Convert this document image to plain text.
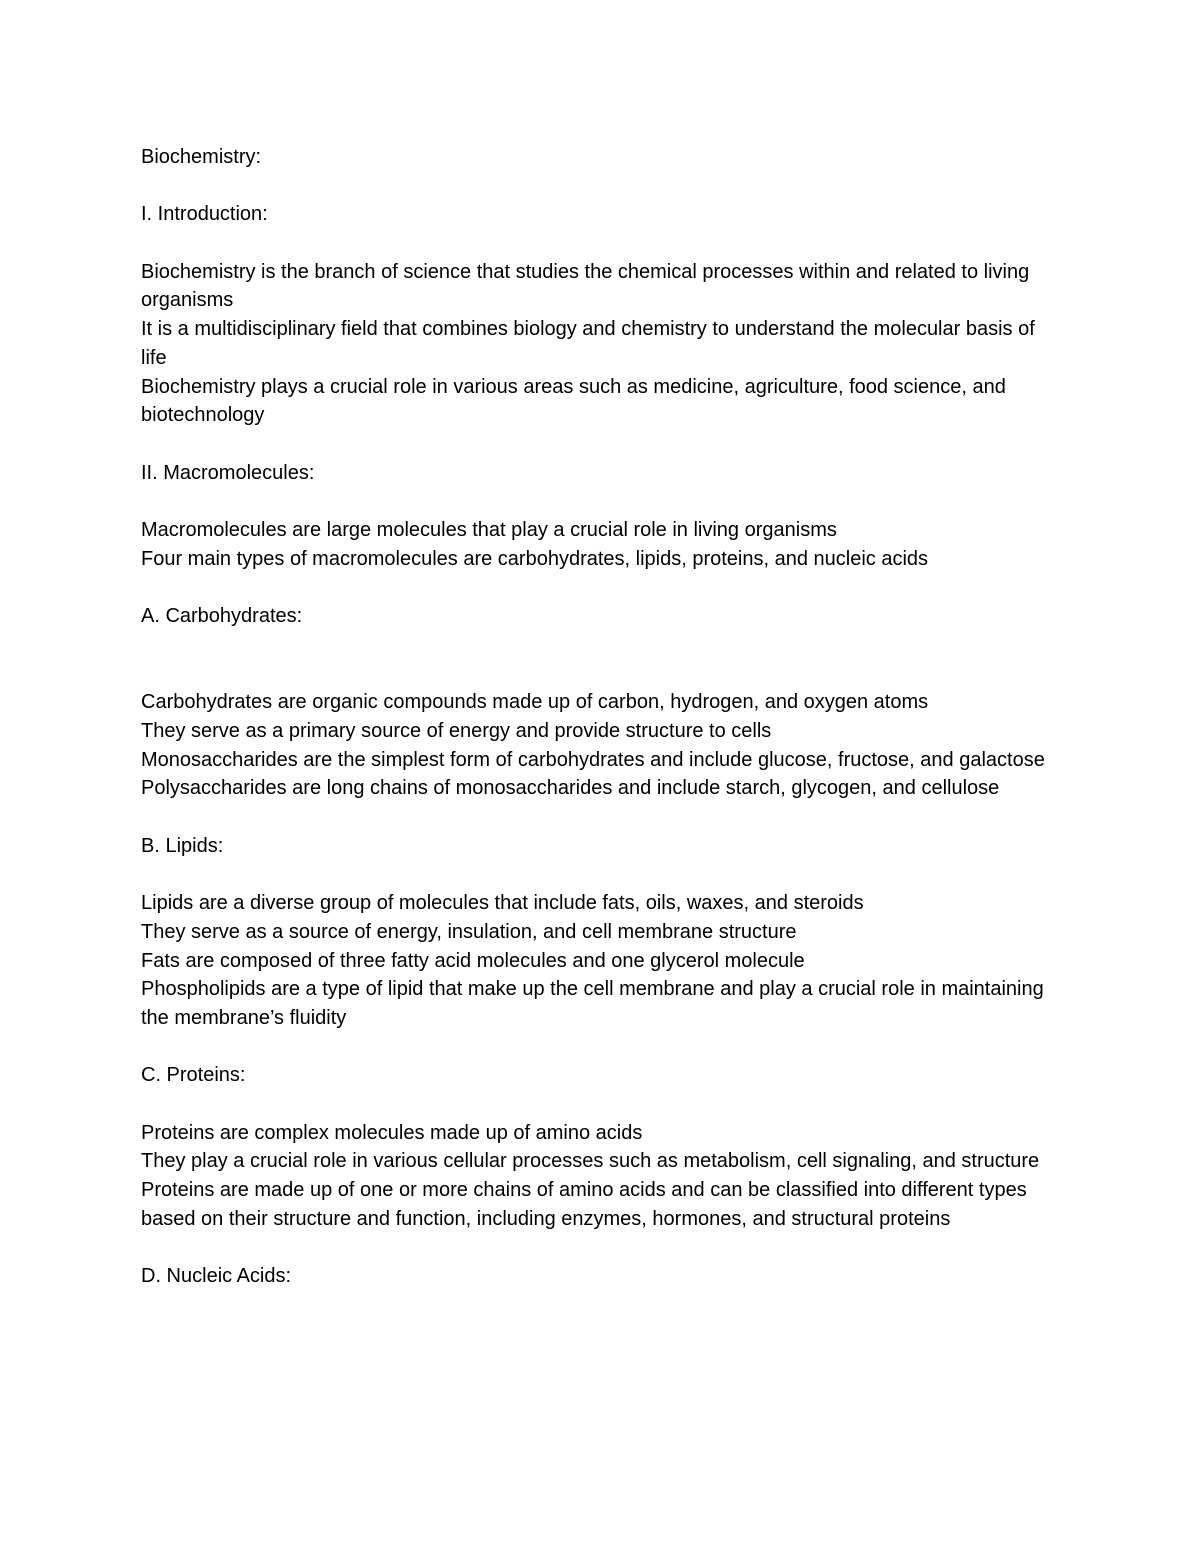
Biochemistry:

I. Introduction:

Biochemistry is the branch of science that studies the chemical processes within and related to living organisms

It is a multidisciplinary field that combines biology and chemistry to understand the molecular basis of life

Biochemistry plays a crucial role in various areas such as medicine, agriculture, food science, and biotechnology

II. Macromolecules:

Macromolecules are large molecules that play a crucial role in living organisms

Four main types of macromolecules are carbohydrates, lipids, proteins, and nucleic acids

A. Carbohydrates:

Carbohydrates are organic compounds made up of carbon, hydrogen, and oxygen atoms

They serve as a primary source of energy and provide structure to cells

Monosaccharides are the simplest form of carbohydrates and include glucose, fructose, and galactose

Polysaccharides are long chains of monosaccharides and include starch, glycogen, and cellulose

B. Lipids:

Lipids are a diverse group of molecules that include fats, oils, waxes, and steroids

They serve as a source of energy, insulation, and cell membrane structure

Fats are composed of three fatty acid molecules and one glycerol molecule

Phospholipids are a type of lipid that make up the cell membrane and play a crucial role in maintaining the membrane’s fluidity

C. Proteins:

Proteins are complex molecules made up of amino acids

They play a crucial role in various cellular processes such as metabolism, cell signaling, and structure

Proteins are made up of one or more chains of amino acids and can be classified into different types based on their structure and function, including enzymes, hormones, and structural proteins

D. Nucleic Acids:
